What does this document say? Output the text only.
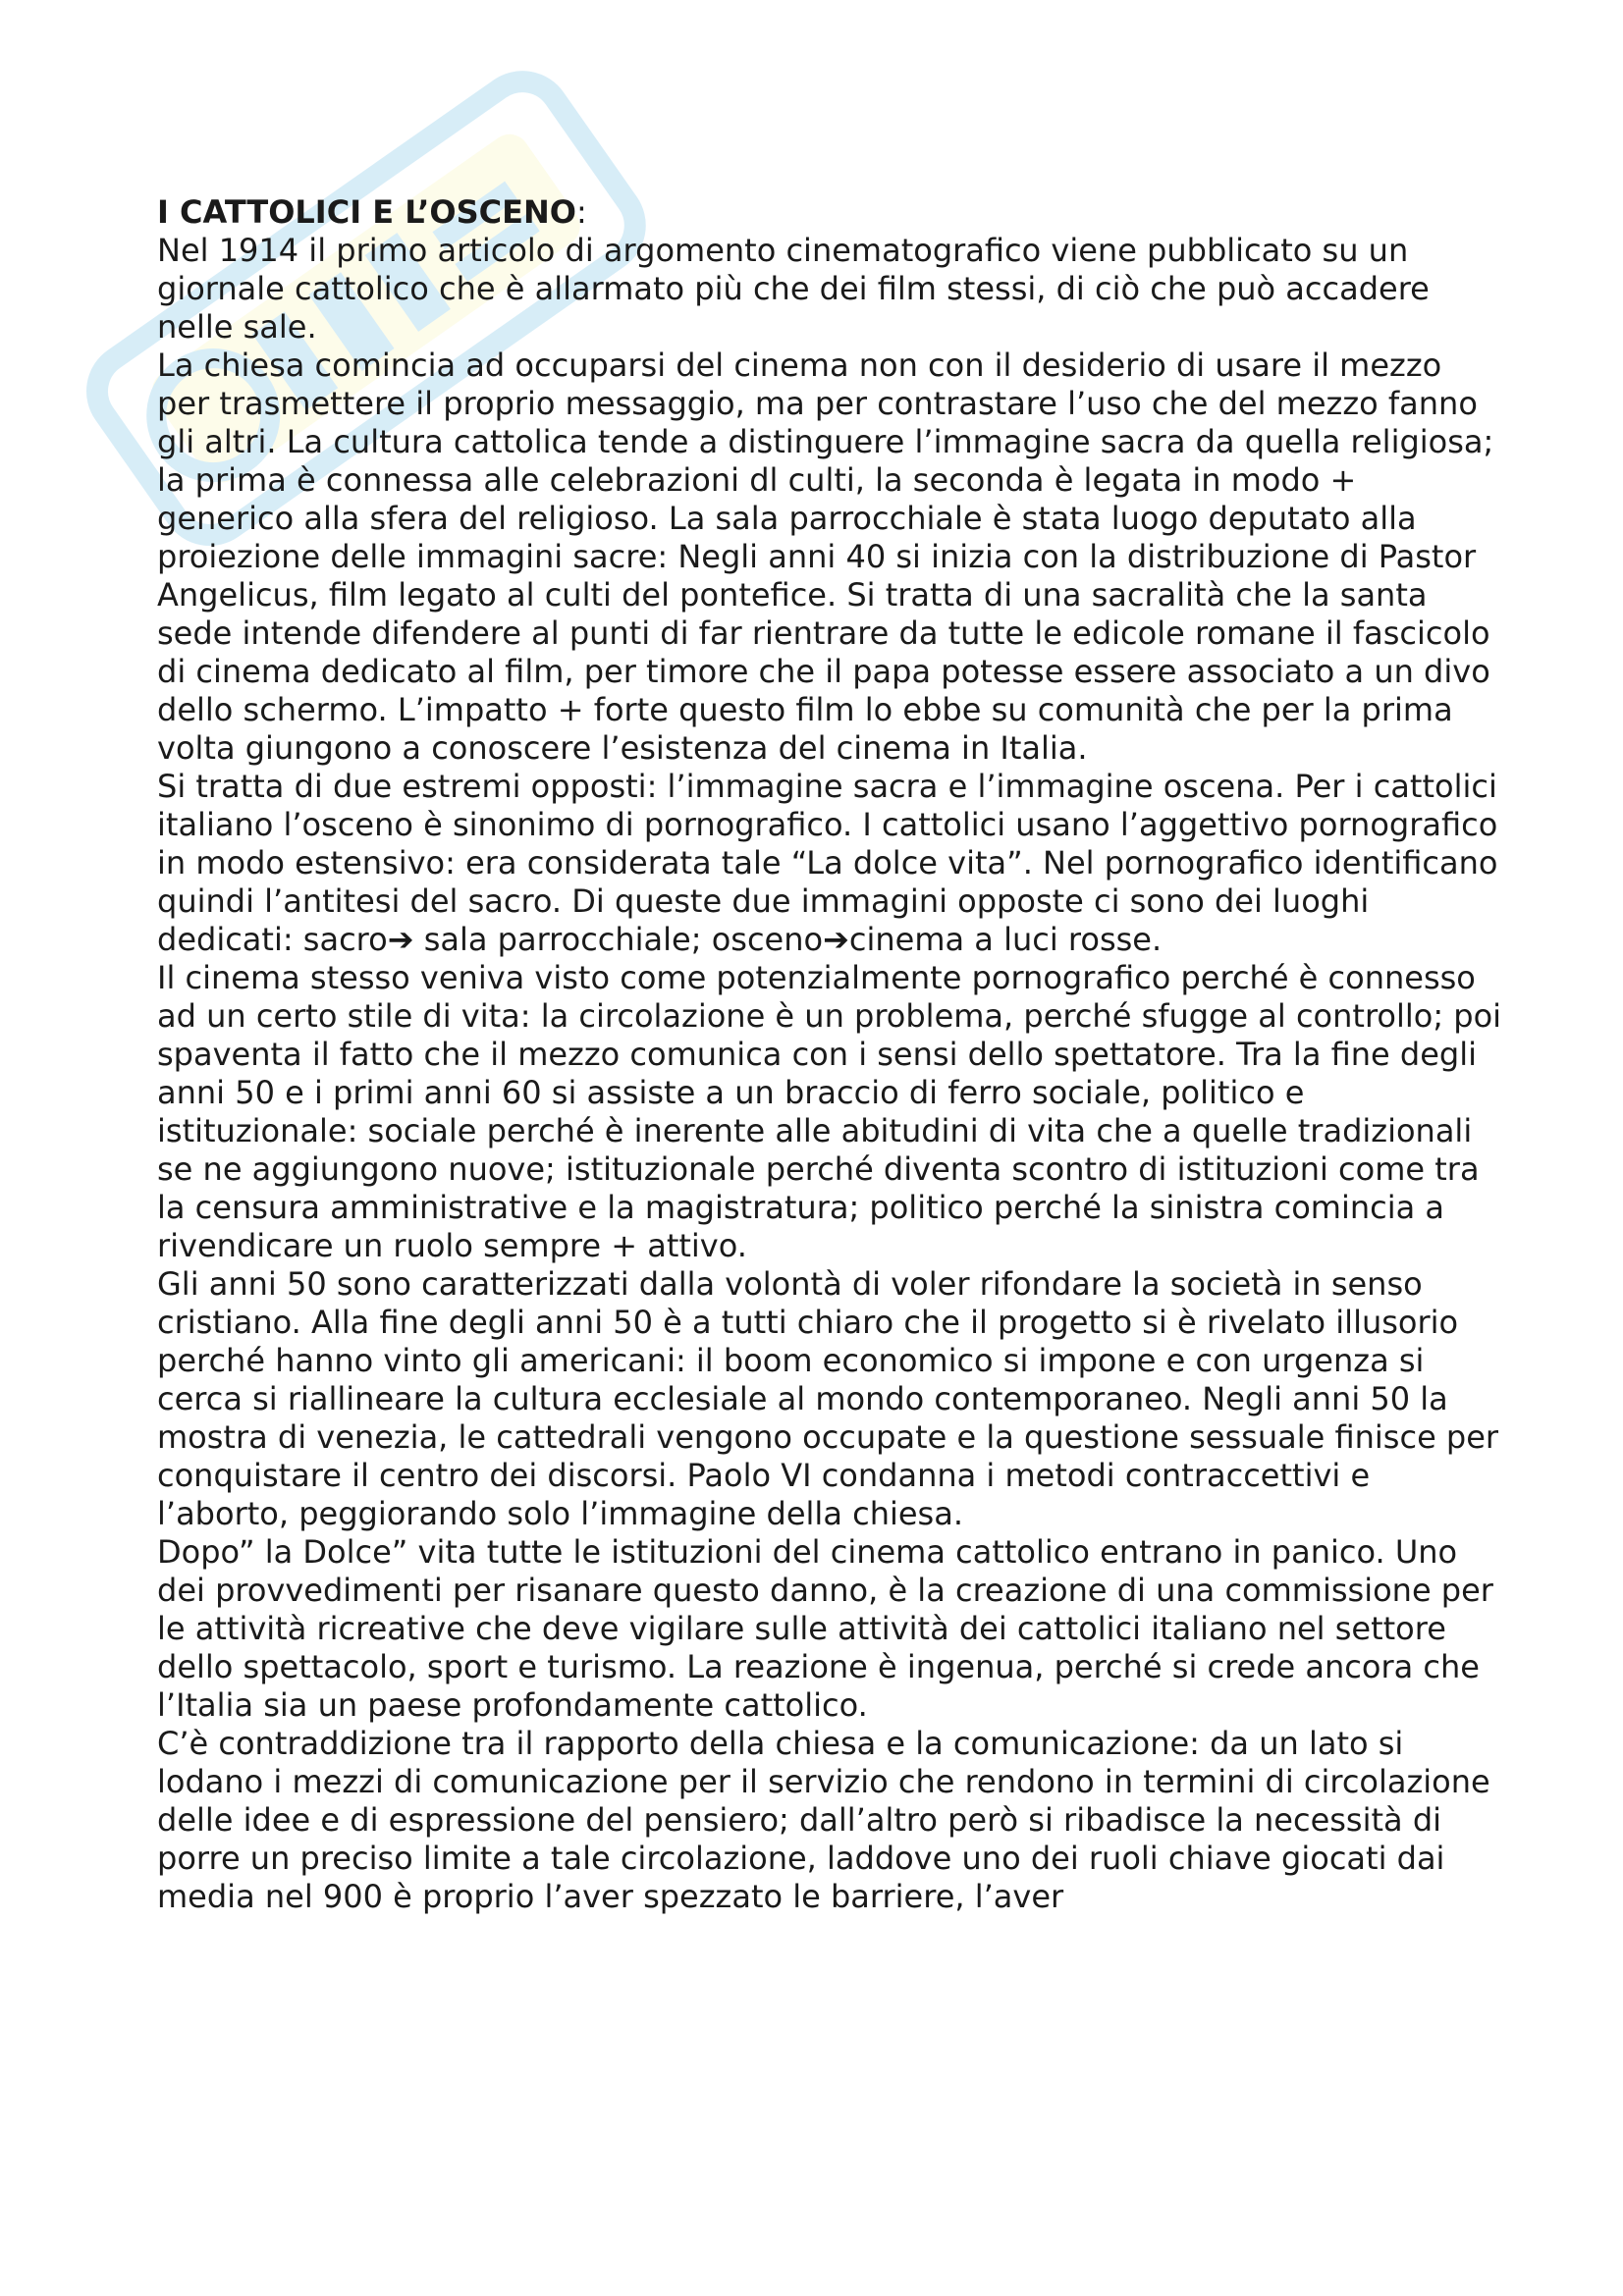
I CATTOLICI E L’OSCENO:

Nel 1914 il primo articolo di argomento cinematografico viene pubblicato su un giornale cattolico che è allarmato più che dei film stessi, di ciò che può accadere nelle sale.

La chiesa comincia ad occuparsi del cinema non con il desiderio di usare il mezzo per trasmettere il proprio messaggio, ma per contrastare l’uso che del mezzo fanno gli altri. La cultura cattolica tende a distinguere l’immagine sacra da quella religiosa; la prima è connessa alle celebrazioni dl culti, la seconda è legata in modo + generico alla sfera del religioso. La sala parrocchiale è stata luogo deputato alla proiezione delle immagini sacre: Negli anni 40 si inizia con la distribuzione di Pastor Angelicus, film legato al culti del pontefice. Si tratta di una sacralità che la santa sede intende difendere al punti di far rientrare da tutte le edicole romane il fascicolo di cinema dedicato al film, per timore che il papa potesse essere associato a un divo dello schermo. L’impatto + forte questo film lo ebbe su comunità che per la prima volta giungono a conoscere l’esistenza del cinema in Italia.

Si tratta di due estremi opposti: l’immagine sacra e l’immagine oscena. Per i cattolici italiano l’osceno è sinonimo di pornografico. I cattolici usano l’aggettivo pornografico in modo estensivo: era considerata tale “La dolce vita”. Nel pornografico identificano quindi l’antitesi del sacro. Di queste due immagini opposte ci sono dei luoghi dedicati: sacro➔ sala parrocchiale; osceno➔cinema a luci rosse.

Il cinema stesso veniva visto come potenzialmente pornografico perché è connesso ad un certo stile di vita: la circolazione è un problema, perché sfugge al controllo; poi spaventa il fatto che il mezzo comunica con i sensi dello spettatore. Tra la fine degli anni 50 e i primi anni 60 si assiste a un braccio di ferro sociale, politico e istituzionale: sociale perché è inerente alle abitudini di vita che a quelle tradizionali se ne aggiungono nuove; istituzionale perché diventa scontro di istituzioni come tra la censura amministrative e la magistratura; politico perché la sinistra comincia a rivendicare un ruolo sempre + attivo.

Gli anni 50 sono caratterizzati dalla volontà di voler rifondare la società in senso cristiano. Alla fine degli anni 50 è a tutti chiaro che il progetto si è rivelato illusorio perché hanno vinto gli americani: il boom economico si impone e con urgenza si cerca si riallineare la cultura ecclesiale al mondo contemporaneo. Negli anni 50 la mostra di venezia, le cattedrali vengono occupate e la questione sessuale finisce per conquistare il centro dei discorsi. Paolo VI condanna i metodi contraccettivi e l’aborto, peggiorando solo l’immagine della chiesa.

Dopo” la Dolce” vita tutte le istituzioni del cinema cattolico entrano in panico. Uno dei provvedimenti per risanare questo danno, è la creazione di una commissione per le attività ricreative che deve vigilare sulle attività dei cattolici italiano nel settore dello spettacolo, sport e turismo. La reazione è ingenua, perché si crede ancora che l’Italia sia un paese profondamente cattolico.

C’è contraddizione tra il rapporto della chiesa e la comunicazione: da un lato si lodano i mezzi di comunicazione per il servizio che rendono in termini di circolazione delle idee e di espressione del pensiero; dall’altro però si ribadisce la necessità di porre un preciso limite a tale circolazione, laddove uno dei ruoli chiave giocati dai media nel 900 è proprio l’aver spezzato le barriere, l’aver
